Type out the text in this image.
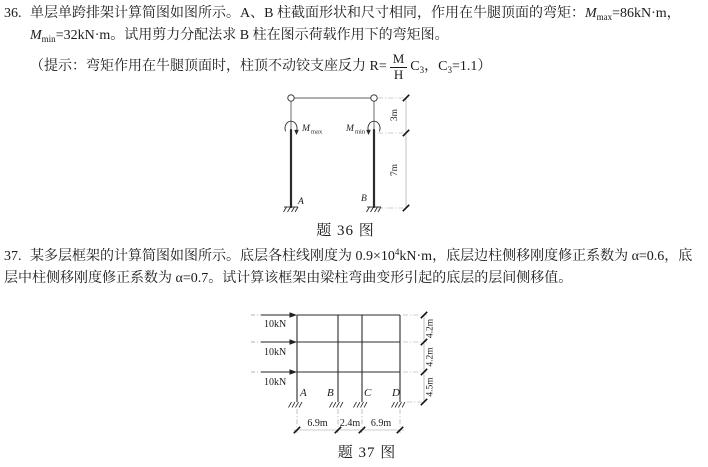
36. 单层单跨排架计算简图如图所示。A、B 柱截面形状和尺寸相同，作用在牛腿顶面的弯矩：$M_{max}=86kN\cdot m$，
$M_{min}=32kN\cdot m$。试用剪力分配法求 B 柱在图示荷载作用下的弯矩图。
（提示：弯矩作用在牛腿顶面时，柱顶不动铰支座反力 $R= \frac{M}{H} C_3$ ， $C_3 =1.1$）
M max	M min
A	B
3m
7m
题 36 图
37. 某多层框架的计算简图如图所示。底层各柱线刚度为 $0.9\times 10^4kN\cdot m$，底层边柱侧移刚度修正系数为 α=0.6，底
层中柱侧移刚度修正系数为 α=0.7。试计算该框架由梁柱弯曲变形引起的底层的层间侧移值。
10kN
10kN
10kN
A B	C D
4.2m
4.2m
4.5m
6.9m 2.4m 6.9m
题 37 图
